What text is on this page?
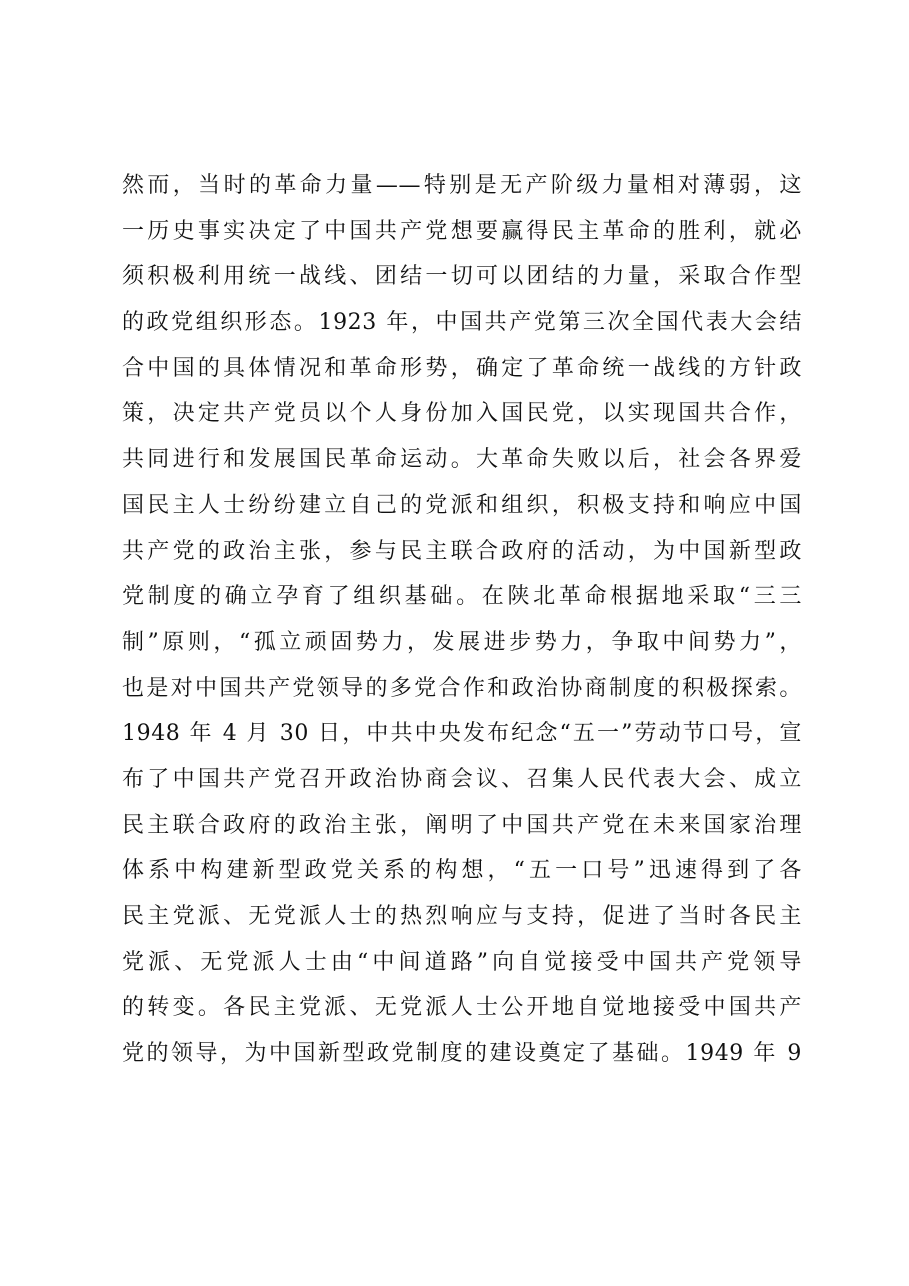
然而，当时的革命力量——特别是无产阶级力量相对薄弱，这
一历史事实决定了中国共产党想要赢得民主革命的胜利，就必
须积极利用统一战线、团结一切可以团结的力量，采取合作型
的政党组织形态。1923 年，中国共产党第三次全国代表大会结
合中国的具体情况和革命形势，确定了革命统一战线的方针政
策，决定共产党员以个人身份加入国民党，以实现国共合作，
共同进行和发展国民革命运动。大革命失败以后，社会各界爱
国民主人士纷纷建立自己的党派和组织，积极支持和响应中国
共产党的政治主张，参与民主联合政府的活动，为中国新型政
党制度的确立孕育了组织基础。在陕北革命根据地采取“三三
制”原则，“孤立顽固势力，发展进步势力，争取中间势力”，
也是对中国共产党领导的多党合作和政治协商制度的积极探索。
1948 年 4 月 30 日，中共中央发布纪念“五一”劳动节口号，宣
布了中国共产党召开政治协商会议、召集人民代表大会、成立
民主联合政府的政治主张，阐明了中国共产党在未来国家治理
体系中构建新型政党关系的构想，“五一口号”迅速得到了各
民主党派、无党派人士的热烈响应与支持，促进了当时各民主
党派、无党派人士由“中间道路”向自觉接受中国共产党领导
的转变。各民主党派、无党派人士公开地自觉地接受中国共产
党的领导，为中国新型政党制度的建设奠定了基础。1949 年 9
